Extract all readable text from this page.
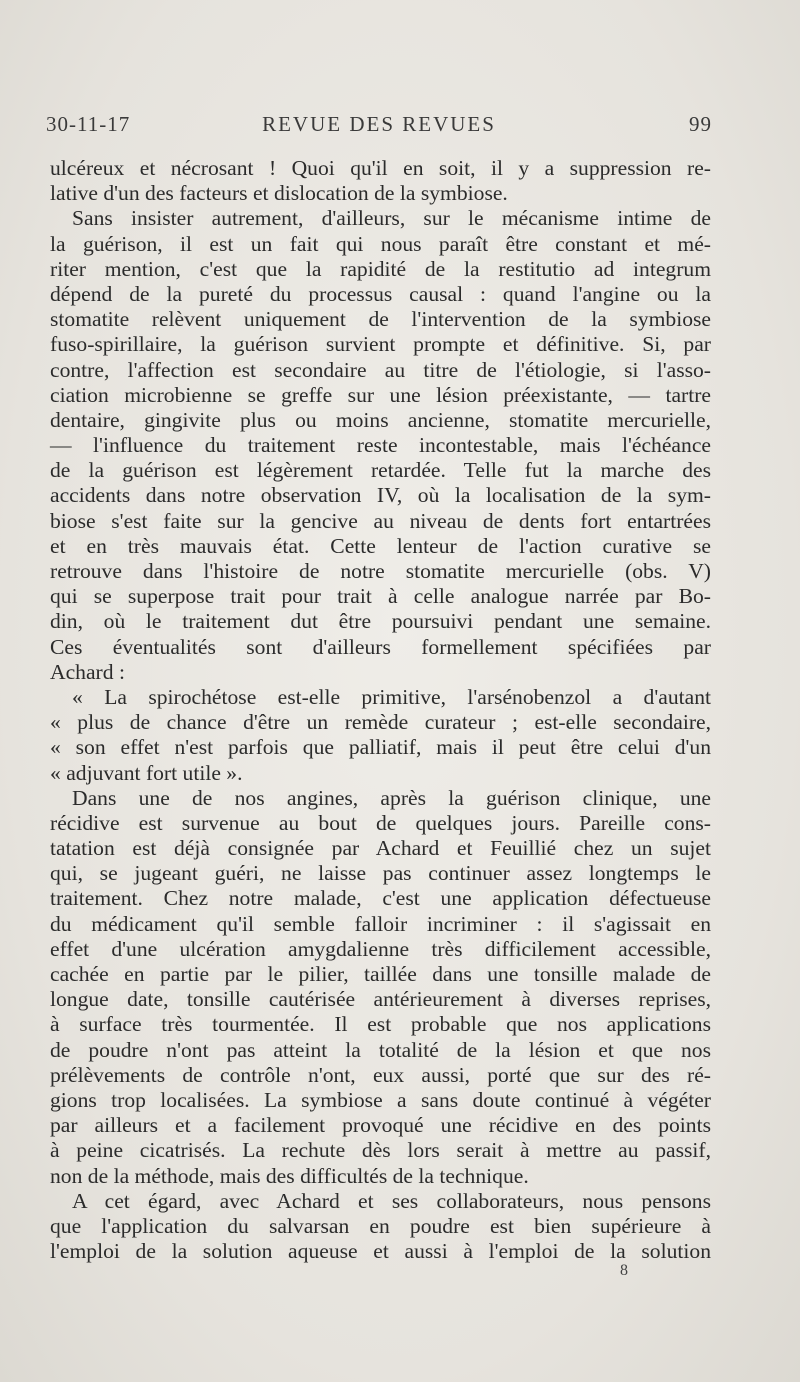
30-11-17	REVUE DES REVUES	99
ulcéreux et nécrosant ! Quoi qu'il en soit, il y a suppression re-
lative d'un des facteurs et dislocation de la symbiose.
Sans insister autrement, d'ailleurs, sur le mécanisme intime de
la guérison, il est un fait qui nous paraît être constant et mé-
riter mention, c'est que la rapidité de la restitutio ad integrum
dépend de la pureté du processus causal : quand l'angine ou la
stomatite relèvent uniquement de l'intervention de la symbiose
fuso-spirillaire, la guérison survient prompte et définitive. Si, par
contre, l'affection est secondaire au titre de l'étiologie, si l'asso-
ciation microbienne se greffe sur une lésion préexistante, — tartre
dentaire, gingivite plus ou moins ancienne, stomatite mercurielle,
— l'influence du traitement reste incontestable, mais l'échéance
de la guérison est légèrement retardée. Telle fut la marche des
accidents dans notre observation IV, où la localisation de la sym-
biose s'est faite sur la gencive au niveau de dents fort entartrées
et en très mauvais état. Cette lenteur de l'action curative se
retrouve dans l'histoire de notre stomatite mercurielle (obs. V)
qui se superpose trait pour trait à celle analogue narrée par Bo-
din, où le traitement dut être poursuivi pendant une semaine.
Ces éventualités sont d'ailleurs formellement spécifiées par
Achard :
« La spirochétose est-elle primitive, l'arsénobenzol a d'autant
« plus de chance d'être un remède curateur ; est-elle secondaire,
« son effet n'est parfois que palliatif, mais il peut être celui d'un
« adjuvant fort utile ».
Dans une de nos angines, après la guérison clinique, une
récidive est survenue au bout de quelques jours. Pareille cons-
tatation est déjà consignée par Achard et Feuillié chez un sujet
qui, se jugeant guéri, ne laisse pas continuer assez longtemps le
traitement. Chez notre malade, c'est une application défectueuse
du médicament qu'il semble falloir incriminer : il s'agissait en
effet d'une ulcération amygdalienne très difficilement accessible,
cachée en partie par le pilier, taillée dans une tonsille malade de
longue date, tonsille cautérisée antérieurement à diverses reprises,
à surface très tourmentée. Il est probable que nos applications
de poudre n'ont pas atteint la totalité de la lésion et que nos
prélèvements de contrôle n'ont, eux aussi, porté que sur des ré-
gions trop localisées. La symbiose a sans doute continué à végéter
par ailleurs et a facilement provoqué une récidive en des points
à peine cicatrisés. La rechute dès lors serait à mettre au passif,
non de la méthode, mais des difficultés de la technique.
A cet égard, avec Achard et ses collaborateurs, nous pensons
que l'application du salvarsan en poudre est bien supérieure à
l'emploi de la solution aqueuse et aussi à l'emploi de la solution
8
